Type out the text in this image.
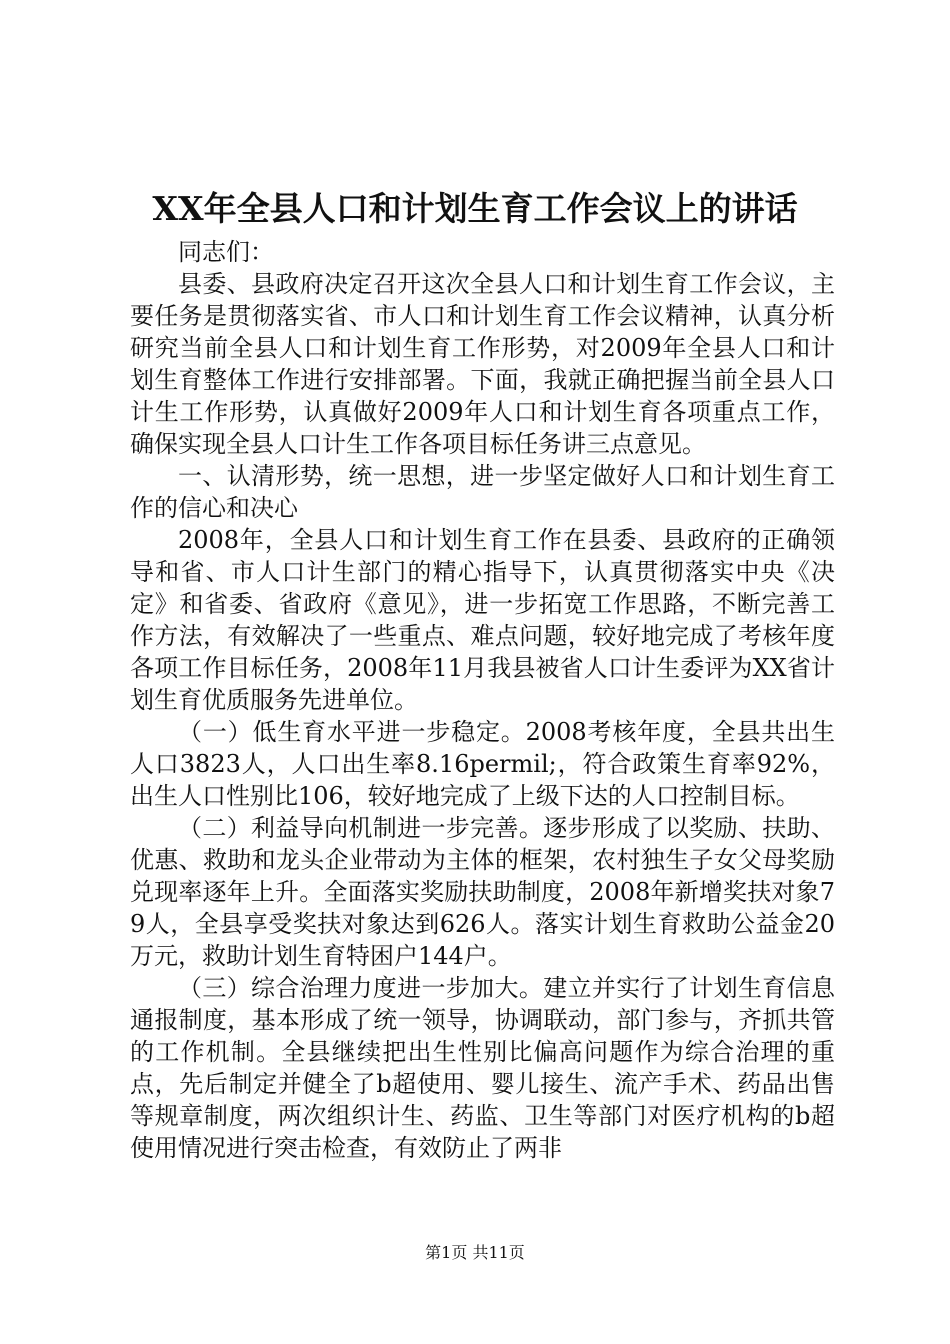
XX年全县人口和计划生育工作会议上的讲话

同志们：

县委、县政府决定召开这次全县人口和计划生育工作会议，主要任务是贯彻落实省、市人口和计划生育工作会议精神，认真分析研究当前全县人口和计划生育工作形势，对2009年全县人口和计划生育整体工作进行安排部署。下面，我就正确把握当前全县人口计生工作形势，认真做好2009年人口和计划生育各项重点工作，确保实现全县人口计生工作各项目标任务讲三点意见。

一、认清形势，统一思想，进一步坚定做好人口和计划生育工作的信心和决心

2008年，全县人口和计划生育工作在县委、县政府的正确领导和省、市人口计生部门的精心指导下，认真贯彻落实中央《决定》和省委、省政府《意见》，进一步拓宽工作思路，不断完善工作方法，有效解决了一些重点、难点问题，较好地完成了考核年度各项工作目标任务，2008年11月我县被省人口计生委评为XX省计划生育优质服务先进单位。

（一）低生育水平进一步稳定。2008考核年度，全县共出生人口3823人，人口出生率8.16permil;，符合政策生育率92%，出生人口性别比106，较好地完成了上级下达的人口控制目标。

（二）利益导向机制进一步完善。逐步形成了以奖励、扶助、优惠、救助和龙头企业带动为主体的框架，农村独生子女父母奖励兑现率逐年上升。全面落实奖励扶助制度，2008年新增奖扶对象79人，全县享受奖扶对象达到626人。落实计划生育救助公益金20万元，救助计划生育特困户144户。

（三）综合治理力度进一步加大。建立并实行了计划生育信息通报制度，基本形成了统一领导，协调联动，部门参与，齐抓共管的工作机制。全县继续把出生性别比偏高问题作为综合治理的重点，先后制定并健全了b超使用、婴儿接生、流产手术、药品出售等规章制度，两次组织计生、药监、卫生等部门对医疗机构的b超使用情况进行突击检查，有效防止了两非

第1页 共11页
